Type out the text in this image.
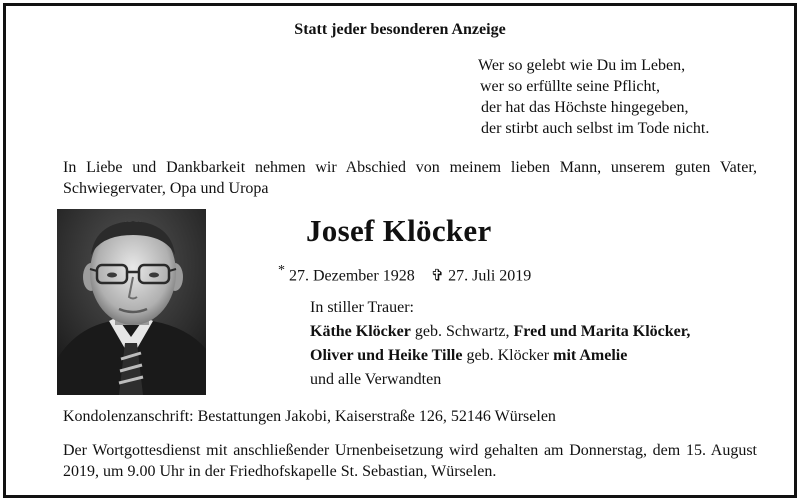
Statt jeder besonderen Anzeige
Wer so gelebt wie Du im Leben,
wer so erfüllte seine Pflicht,
der hat das Höchste hingegeben,
der stirbt auch selbst im Tode nicht.
In Liebe und Dankbarkeit nehmen wir Abschied von meinem lieben Mann, unserem guten Vater, Schwiegervater, Opa und Uropa
Josef Klöcker
* 27. Dezember 1928 ✞ 27. Juli 2019
In stiller Trauer:
Käthe Klöcker geb. Schwartz, Fred und Marita Klöcker,
Oliver und Heike Tille geb. Klöcker mit Amelie
und alle Verwandten
Kondolenzanschrift: Bestattungen Jakobi, Kaiserstraße 126, 52146 Würselen
Der Wortgottesdienst mit anschließender Urnenbeisetzung wird gehalten am Donnerstag, dem 15. August 2019, um 9.00 Uhr in der Friedhofskapelle St. Sebastian, Würselen.
